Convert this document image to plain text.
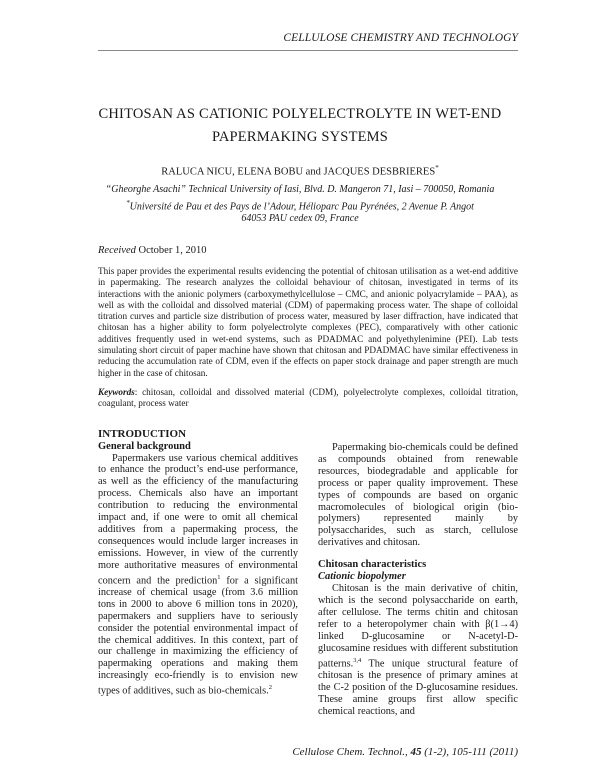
CELLULOSE CHEMISTRY AND TECHNOLOGY
CHITOSAN AS CATIONIC POLYELECTROLYTE IN WET-END PAPERMAKING SYSTEMS
RALUCA NICU, ELENA BOBU and JACQUES DESBRIERES*
“Gheorghe Asachi” Technical University of Iasi, Blvd. D. Mangeron 71, Iasi – 700050, Romania
*Université de Pau et des Pays de l’Adour, Hélioparc Pau Pyrénées, 2 Avenue P. Angot
64053 PAU cedex 09, France
Received October 1, 2010
This paper provides the experimental results evidencing the potential of chitosan utilisation as a wet-end additive in papermaking. The research analyzes the colloidal behaviour of chitosan, investigated in terms of its interactions with the anionic polymers (carboxymethylcellulose – CMC, and anionic polyacrylamide – PAA), as well as with the colloidal and dissolved material (CDM) of papermaking process water. The shape of colloidal titration curves and particle size distribution of process water, measured by laser diffraction, have indicated that chitosan has a higher ability to form polyelectrolyte complexes (PEC), comparatively with other cationic additives frequently used in wet-end systems, such as PDADMAC and polyethylenimine (PEI). Lab tests simulating short circuit of paper machine have shown that chitosan and PDADMAC have similar effectiveness in reducing the accumulation rate of CDM, even if the effects on paper stock drainage and paper strength are much higher in the case of chitosan.
Keywords: chitosan, colloidal and dissolved material (CDM), polyelectrolyte complexes, colloidal titration, coagulant, process water
INTRODUCTION
General background

Papermakers use various chemical additives to enhance the product’s end-use performance, as well as the efficiency of the manufacturing process. Chemicals also have an important contribution to reducing the environmental impact and, if one were to omit all chemical additives from a papermaking process, the consequences would include larger increases in emissions. However, in view of the currently more authoritative measures of environmental concern and the prediction$^1$ for a significant increase of chemical usage (from 3.6 million tons in 2000 to above 6 million tons in 2020), papermakers and suppliers have to seriously consider the potential environmental impact of the chemical additives. In this context, part of our challenge in maximizing the efficiency of papermaking operations and making them increasingly eco-friendly is to envision new types of additives, such as bio-chemicals.$^2$

Papermaking bio-chemicals could be defined as compounds obtained from renewable resources, biodegradable and applicable for process or paper quality improvement. These types of compounds are based on organic macromolecules of biological origin (bio-polymers) represented mainly by polysaccharides, such as starch, cellulose derivatives and chitosan.

Chitosan characteristics
Cationic biopolymer

Chitosan is the main derivative of chitin, which is the second polysaccharide on earth, after cellulose. The terms chitin and chitosan refer to a heteropolymer chain with β(1→4) linked D-glucosamine or N-acetyl-D-glucosamine residues with different substitution patterns.$^{3,4}$ The unique structural feature of chitosan is the presence of primary amines at the C-2 position of the D-glucosamine residues. These amine groups first allow specific chemical reactions, and

Cellulose Chem. Technol., 45 (1-2), 105-111 (2011)
